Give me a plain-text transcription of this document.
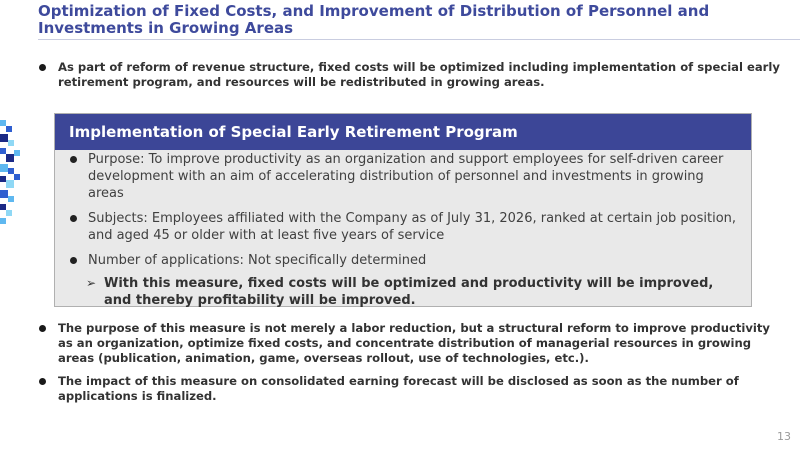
Optimization of Fixed Costs, and Improvement of Distribution of Personnel and Investments in Growing Areas
As part of reform of revenue structure, fixed costs will be optimized including implementation of special early retirement program, and resources will be redistributed in growing areas.
Implementation of Special Early Retirement Program
Purpose: To improve productivity as an organization and support employees for self-driven career development with an aim of accelerating distribution of personnel and investments in growing areas
Subjects: Employees affiliated with the Company as of July 31, 2026, ranked at certain job position, and aged 45 or older with at least five years of service
Number of applications: Not specifically determined
➢ With this measure, fixed costs will be optimized and productivity will be improved, and thereby profitability will be improved.
The purpose of this measure is not merely a labor reduction, but a structural reform to improve productivity as an organization, optimize fixed costs, and concentrate distribution of managerial resources in growing areas (publication, animation, game, overseas rollout, use of technologies, etc.).
The impact of this measure on consolidated earning forecast will be disclosed as soon as the number of applications is finalized.
13
